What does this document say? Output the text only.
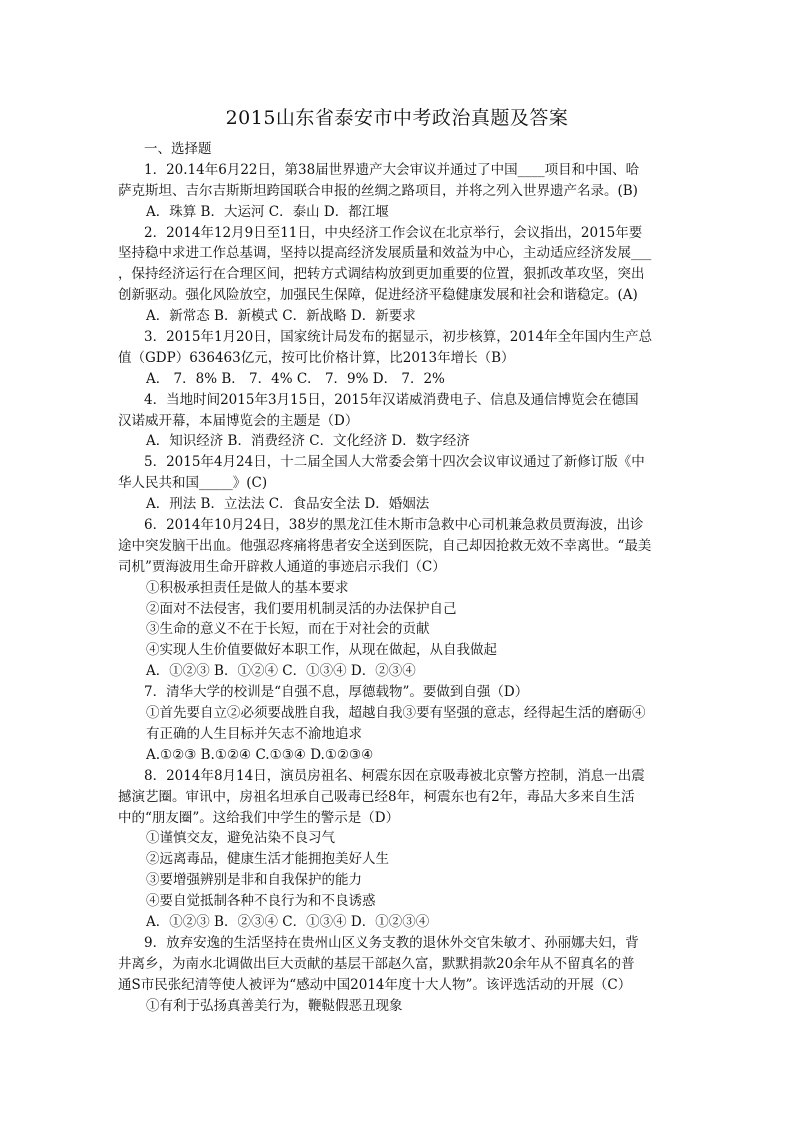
2015山东省泰安市中考政治真题及答案
一、选择题
1．20.14年6月22日，第38届世界遗产大会审议并通过了中国____项目和中国、哈
萨克斯坦、吉尔吉斯斯坦跨国联合申报的丝绸之路项目，并将之列入世界遗产名录。(B)
A．珠算 B．大运河 C．泰山 D．都江堰
2．2014年12月9日至11日，中央经济工作会议在北京举行，会议指出，2015年要
坚持稳中求进工作总基调，坚持以提高经济发展质量和效益为中心，主动适应经济发展___
，保持经济运行在合理区间，把转方式调结构放到更加重要的位置，狠抓改革攻坚，突出
创新驱动。强化风险放空，加强民生保障，促进经济平稳健康发展和社会和谐稳定。(A)
A．新常态 B．新模式 C．新战略 D．新要求
3．2015年1月20日，国家统计局发布的据显示，初步核算，2014年全年国内生产总
值（GDP）636463亿元，按可比价格计算，比2013年增长（B）
A． 7．8% B． 7．4% C． 7．9% D． 7．2%
4．当地时间2015年3月15日，2015年汉诺威消费电子、信息及通信博览会在德国
汉诺威开幕，本届博览会的主题是（D）
A．知识经济 B．消费经济 C．文化经济 D．数字经济
5．2015年4月24日，十二届全国人大常委会第十四次会议审议通过了新修订版《中
华人民共和国_____》(C)
A．刑法 B．立法法 C．食品安全法 D．婚姻法
6．2014年10月24日，38岁的黑龙江佳木斯市急救中心司机兼急救员贾海波，出诊
途中突发脑干出血。他强忍疼痛将患者安全送到医院，自己却因抢救无效不幸离世。“最美
司机”贾海波用生命开辟救人通道的事迹启示我们（C）
①积极承担责任是做人的基本要求
②面对不法侵害，我们要用机制灵活的办法保护自己
③生命的意义不在于长短，而在于对社会的贡献
④实现人生价值要做好本职工作，从现在做起，从自我做起
A．①②③ B．①②④ C．①③④ D．②③④
7．清华大学的校训是“自强不息，厚德载物”。要做到自强（D）
①首先要自立②必须要战胜自我，超越自我③要有坚强的意志，经得起生活的磨砺④
有正确的人生目标并矢志不渝地追求
A.①②③ B.①②④ C.①③④ D.①②③④
8．2014年8月14日，演员房祖名、柯震东因在京吸毒被北京警方控制，消息一出震
撼演艺圈。审讯中，房祖名坦承自己吸毒已经8年，柯震东也有2年，毒品大多来自生活
中的“朋友圈”。这给我们中学生的警示是（D）
①谨慎交友，避免沾染不良习气
②远离毒品，健康生活才能拥抱美好人生
③要增强辨别是非和自我保护的能力
④要自觉抵制各种不良行为和不良诱惑
A．①②③ B．②③④ C．①③④ D．①②③④
9．放弃安逸的生活坚持在贵州山区义务支教的退休外交官朱敏才、孙丽娜夫妇，背
井离乡，为南水北调做出巨大贡献的基层干部赵久富，默默捐款20余年从不留真名的普
通S市民张纪清等使人被评为“感动中国2014年度十大人物”。该评选活动的开展（C）
①有利于弘扬真善美行为，鞭鞑假恶丑现象
